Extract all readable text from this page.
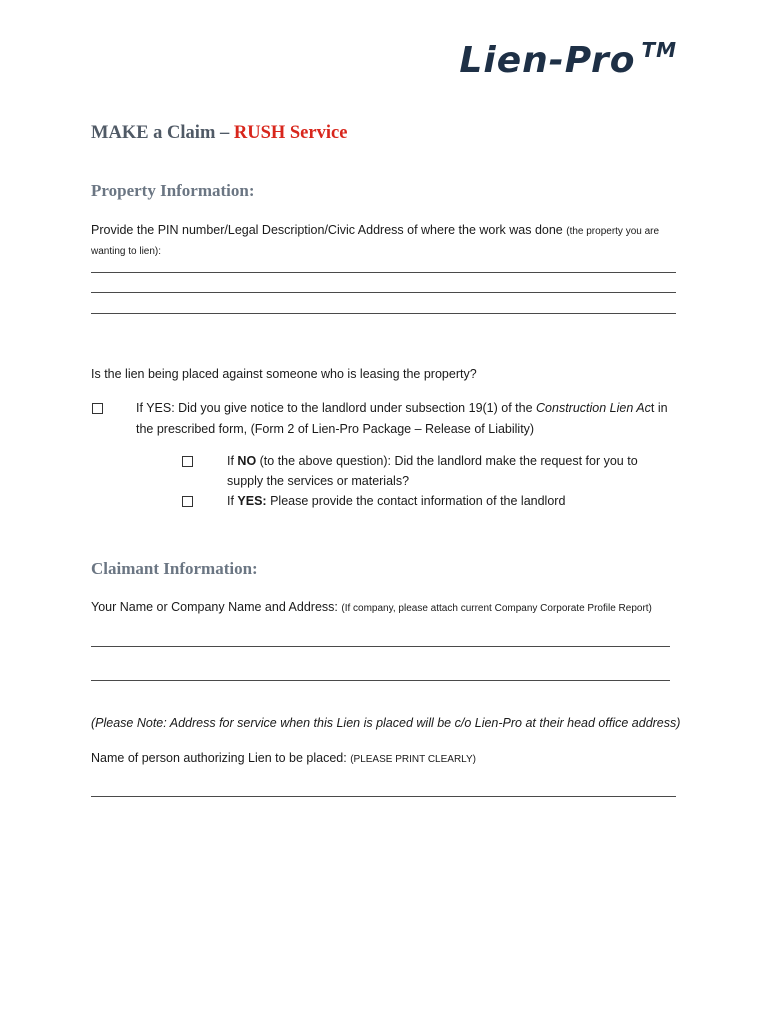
Lien-Pro TM
MAKE a Claim – RUSH Service
Property Information:
Provide the PIN number/Legal Description/Civic Address of where the work was done (the property you are
wanting to lien):
Is the lien being placed against someone who is leasing the property?
If YES: Did you give notice to the landlord under subsection 19(1) of the Construction Lien Act in
the prescribed form, (Form 2 of Lien-Pro Package – Release of Liability)
If NO (to the above question): Did the landlord make the request for you to
supply the services or materials?
If YES: Please provide the contact information of the landlord
Claimant Information:
Your Name or Company Name and Address: (If company, please attach current Company Corporate Profile Report)
(Please Note: Address for service when this Lien is placed will be c/o Lien-Pro at their head office address)
Name of person authorizing Lien to be placed: (PLEASE PRINT CLEARLY)
